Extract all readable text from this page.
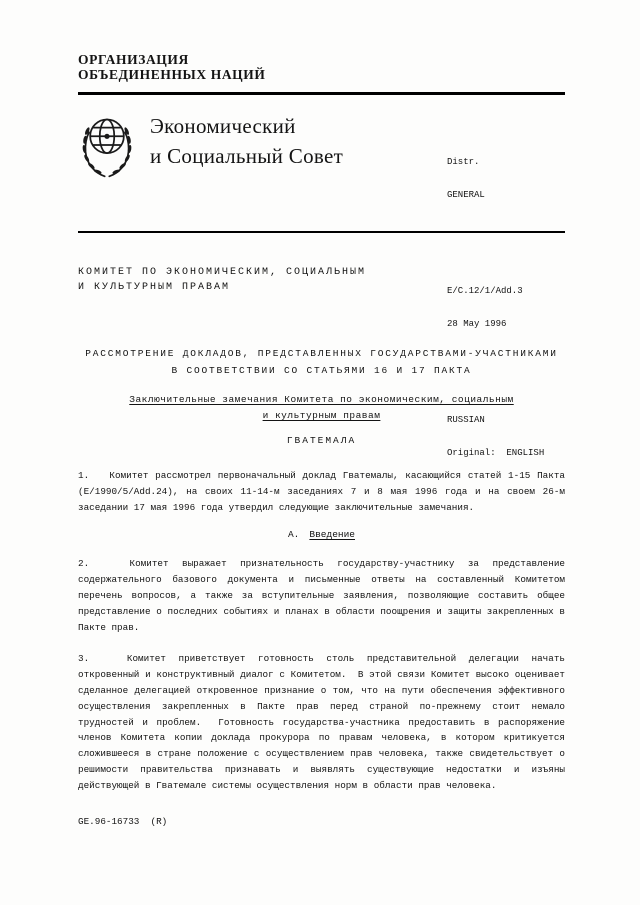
ОРГАНИЗАЦИЯ
ОБЪЕДИНЕННЫХ НАЦИЙ
Экономический
и Социальный Совет

	Distr.

GENERAL

E/C.12/1/Add.3

28 May 1996

RUSSIAN

Original:  ENGLISH

КОМИТЕТ ПО ЭКОНОМИЧЕСКИМ, СОЦИАЛЬНЫМ
И КУЛЬТУРНЫМ ПРАВАМ
РАССМОТРЕНИЕ ДОКЛАДОВ, ПРЕДСТАВЛЕННЫХ ГОСУДАРСТВАМИ-УЧАСТНИКАМИ
В СООТВЕТСТВИИ СО СТАТЬЯМИ 16 И 17 ПАКТА
Заключительные замечания Комитета по экономическим, социальным
и культурным правам
ГВАТЕМАЛА

1.   Комитет рассмотрел первоначальный доклад Гватемалы, касающийся статей 1-15 Пакта (E/1990/5/Add.24), на своих 11-14-м заседаниях 7 и 8 мая 1996 года и на своем 26-м заседании 17 мая 1996 года утвердил следующие заключительные замечания.

A. Введение

2.   Комитет выражает признательность государству-участнику за представление содержательного базового документа и письменные ответы на составленный Комитетом перечень вопросов, а также за вступительные заявления, позволяющие составить общее представление о последних событиях и планах в области поощрения и защиты закрепленных в Пакте прав.

3.   Комитет приветствует готовность столь представительной делегации начать откровенный и конструктивный диалог с Комитетом.  В этой связи Комитет высоко оценивает сделанное делегацией откровенное признание о том, что на пути обеспечения эффективного осуществления закрепленных в Пакте прав перед страной по-прежнему стоит немало трудностей и проблем.  Готовность государства-участника предоставить в распоряжение членов Комитета копии доклада прокурора по правам человека, в котором критикуется сложившееся в стране положение с осуществлением прав человека, также свидетельствует о решимости правительства признавать и выявлять существующие недостатки и изъяны действующей в Гватемале системы осуществления норм в области прав человека.

GE.96-16733  (R)
